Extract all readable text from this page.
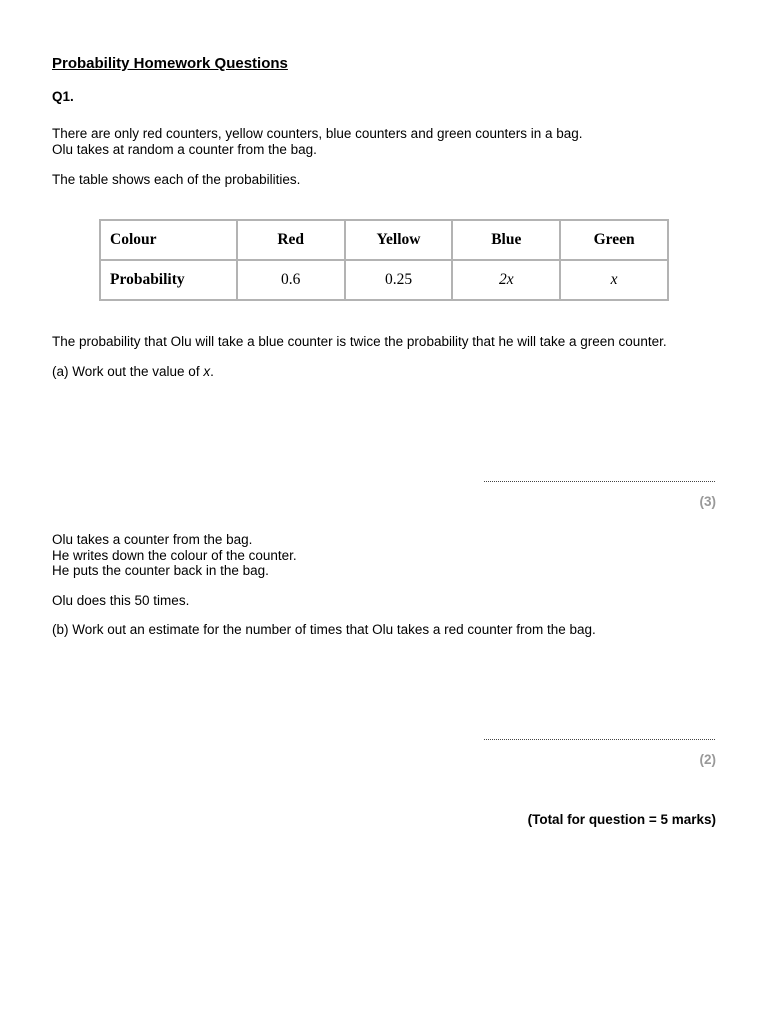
Probability Homework Questions
Q1.
There are only red counters, yellow counters, blue counters and green counters in a bag.
Olu takes at random a counter from the bag.
The table shows each of the probabilities.
Colour	Red	Yellow	Blue	Green
Probability	0.6	0.25	2x	x
The probability that Olu will take a blue counter is twice the probability that he will take a green counter.
(a) Work out the value of x.
(3)
Olu takes a counter from the bag.
He writes down the colour of the counter.
He puts the counter back in the bag.
Olu does this 50 times.
(b) Work out an estimate for the number of times that Olu takes a red counter from the bag.
(2)
(Total for question = 5 marks)
